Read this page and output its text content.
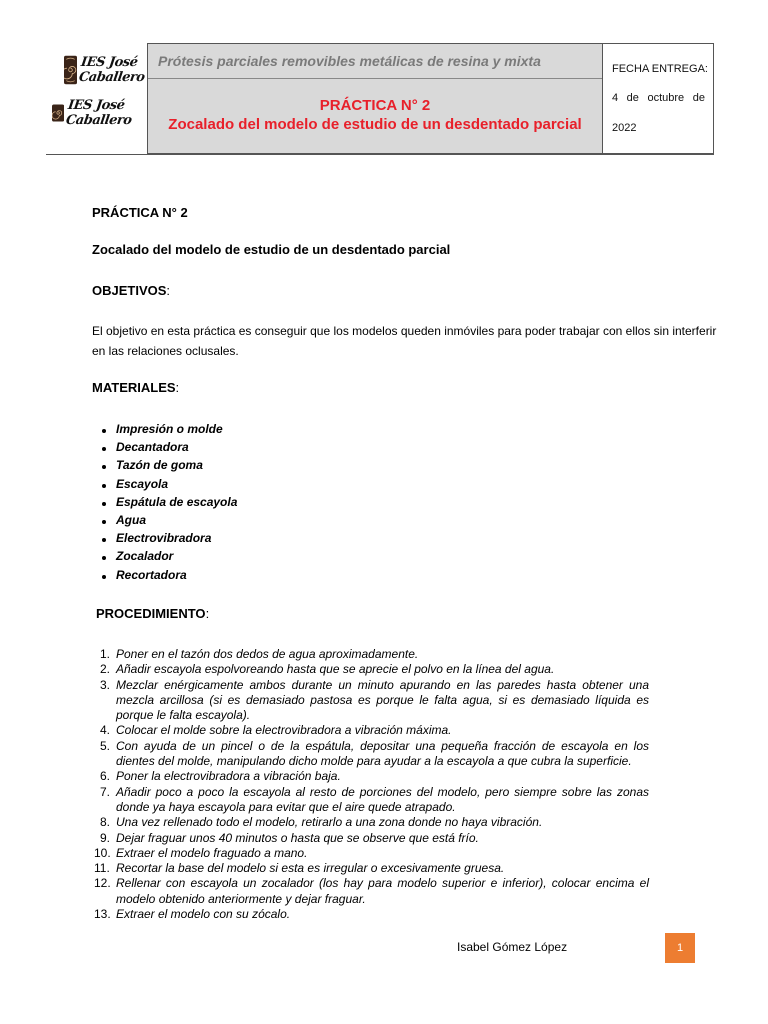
IES José Caballero
IES José Caballero
Prótesis parciales removibles metálicas de resina y mixta
PRÁCTICA N° 2
Zocalado del modelo de estudio de un desdentado parcial
FECHA ENTREGA:
4 de octubre de
2022
PRÁCTICA N° 2
Zocalado del modelo de estudio de un desdentado parcial
OBJETIVOS:
El objetivo en esta práctica es conseguir que los modelos queden inmóviles para poder trabajar con ellos sin interferir en las relaciones oclusales.
MATERIALES:
Impresión o molde
Decantadora
Tazón de goma
Escayola
Espátula de escayola
Agua
Electrovibradora
Zocalador
Recortadora
PROCEDIMIENTO:
1. Poner en el tazón dos dedos de agua aproximadamente.
2. Añadir escayola espolvoreando hasta que se aprecie el polvo en la línea del agua.
3. Mezclar enérgicamente ambos durante un minuto apurando en las paredes hasta obtener una mezcla arcillosa (si es demasiado pastosa es porque le falta agua, si es demasiado líquida es porque le falta escayola).
4. Colocar el molde sobre la electrovibradora a vibración máxima.
5. Con ayuda de un pincel o de la espátula, depositar una pequeña fracción de escayola en los dientes del molde, manipulando dicho molde para ayudar a la escayola a que cubra la superficie.
6. Poner la electrovibradora a vibración baja.
7. Añadir poco a poco la escayola al resto de porciones del modelo, pero siempre sobre las zonas donde ya haya escayola para evitar que el aire quede atrapado.
8. Una vez rellenado todo el modelo, retirarlo a una zona donde no haya vibración.
9. Dejar fraguar unos 40 minutos o hasta que se observe que está frío.
10. Extraer el modelo fraguado a mano.
11. Recortar la base del modelo si esta es irregular o excesivamente gruesa.
12. Rellenar con escayola un zocalador (los hay para modelo superior e inferior), colocar encima el modelo obtenido anteriormente y dejar fraguar.
13. Extraer el modelo con su zócalo.
Isabel Gómez López	1
